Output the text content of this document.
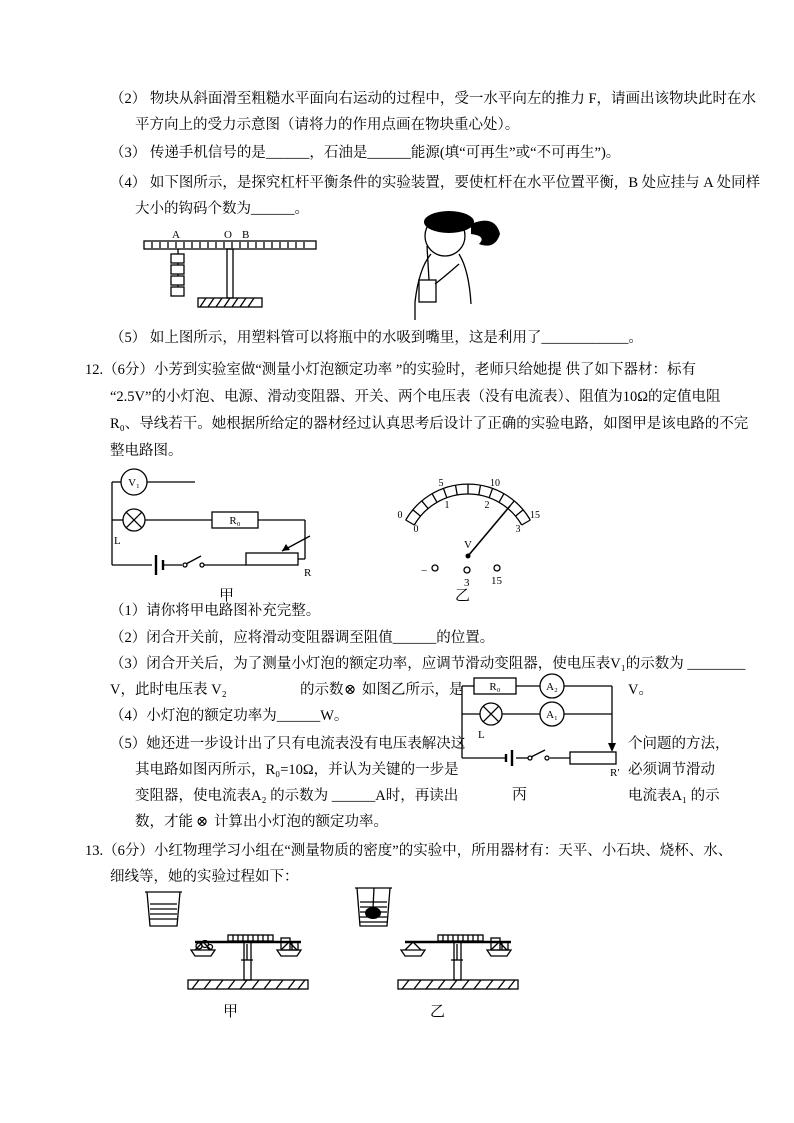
（2） 物块从斜面滑至粗糙水平面向右运动的过程中，受一水平向左的推力 F，请画出该物块此时在水
平方向上的受力示意图（请将力的作用点画在物块重心处）。
（3） 传递手机信号的是______，石油是______能源(填“可再生”或“不可再生”)。
（4） 如下图所示，是探究杠杆平衡条件的实验装置，要使杠杆在水平位置平衡，B 处应挂与 A 处同样
大小的钩码个数为______。
A	O B
（5） 如上图所示，用塑料管可以将瓶中的水吸到嘴里，这是利用了____________。
12.（6分）小芳到实验室做“测量小灯泡额定功率 ”的实验时，老师只给她提 供了如下器材：标有
“2.5V”的小灯泡、电源、滑动变阻器、开关、两个电压表（没有电流表）、阻值为10Ω的定值电阻
R₀、导线若干。她根据所给定的器材经过认真思考后设计了正确的实验电路，如图甲是该电路的不完
整电路图。
V₁
L
R₀
R
甲
0
1	2
3
0
5	10
15
V
−
3 15
乙
（1）请你将甲电路图补充完整。
（2）闭合开关前，应将滑动变阻器调至阻值______的位置。
（3）闭合开关后，为了测量小灯泡的额定功率，应调节滑动变阻器，使电压表V₁的示数为 ________
V，此时电压表 V₂	的示数 ⊗ 如图乙所示，是	V。
（4）小灯泡的额定功率为______W。
（5）她还进一步设计出了只有电流表没有电压表解决这	个问题的方法，
其电路如图丙所示，R₀=10Ω，并认为关键的一步是	必须调节滑动
变阻器，使电流表A₂ 的示数为 ______A时，再读出	电流表A₁ 的示
数，才能 ⊗ 计算出小灯泡的额定功率。
R₀	A₂
L
A₁
R′
丙
13.（6分）小红物理学习小组在“测量物质的密度”的实验中，所用器材有：天平、小石块、烧杯、水、
细线等，她的实验过程如下：
甲	乙
